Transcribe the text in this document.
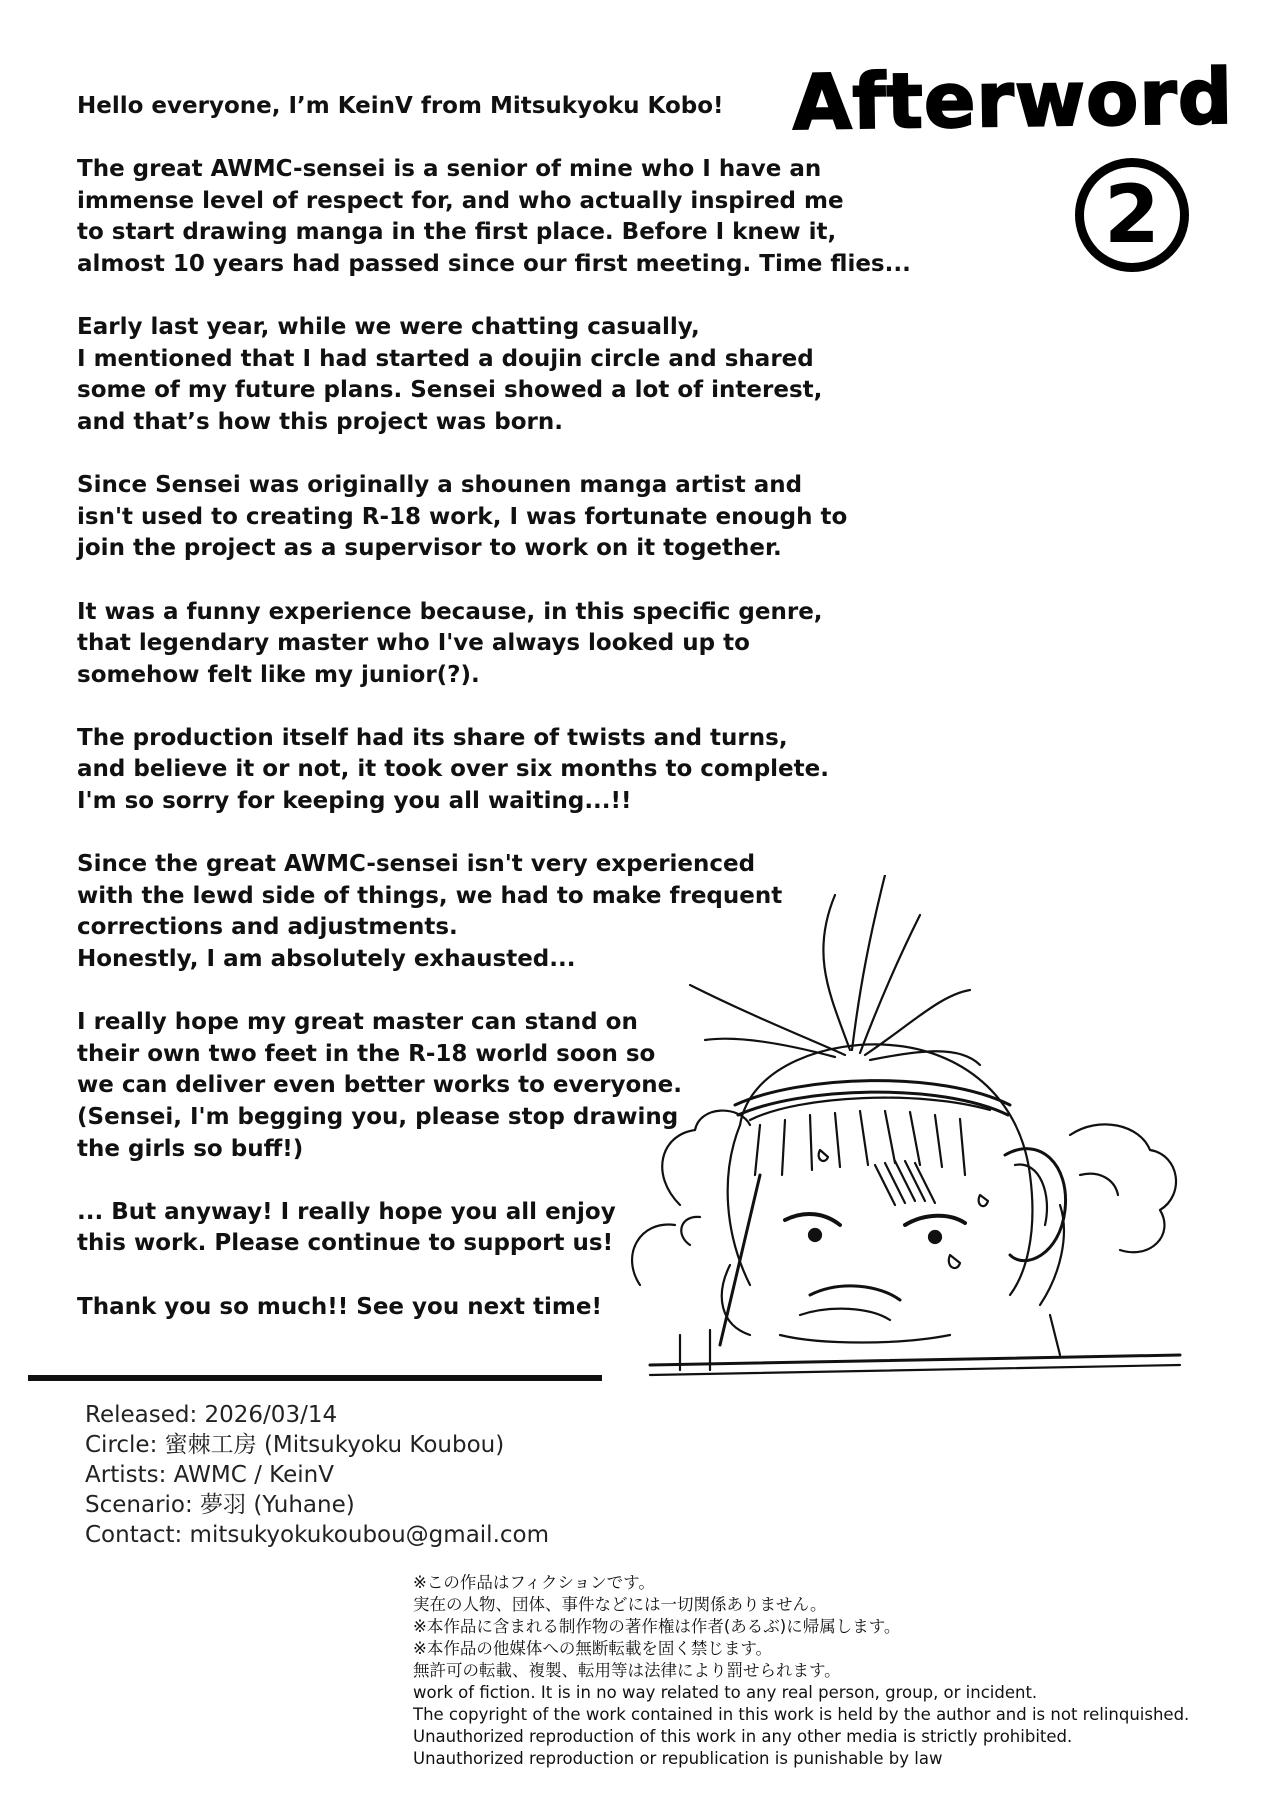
Afterword
2

Hello everyone, I’m KeinV from Mitsukyoku Kobo!

The great AWMC-sensei is a senior of mine who I have an
immense level of respect for, and who actually inspired me
to start drawing manga in the first place. Before I knew it,
almost 10 years had passed since our first meeting. Time flies...

Early last year, while we were chatting casually,
I mentioned that I had started a doujin circle and shared
some of my future plans. Sensei showed a lot of interest,
and that’s how this project was born.

Since Sensei was originally a shounen manga artist and
isn't used to creating R-18 work, I was fortunate enough to
join the project as a supervisor to work on it together.

It was a funny experience because, in this specific genre,
that legendary master who I've always looked up to
somehow felt like my junior(?).

The production itself had its share of twists and turns,
and believe it or not, it took over six months to complete.
I'm so sorry for keeping you all waiting...!!

Since the great AWMC-sensei isn't very experienced
with the lewd side of things, we had to make frequent
corrections and adjustments.
Honestly, I am absolutely exhausted...

I really hope my great master can stand on
their own two feet in the R-18 world soon so
we can deliver even better works to everyone.
(Sensei, I'm begging you, please stop drawing
the girls so buff!)

... But anyway! I really hope you all enjoy
this work. Please continue to support us!

Thank you so much!! See you next time!

Released: 2026/03/14
Circle: 蜜棘工房 (Mitsukyoku Koubou)
Artists: AWMC / KeinV
Scenario: 夢羽 (Yuhane)
Contact: mitsukyokukoubou@gmail.com
※この作品はフィクションです。
実在の人物、団体、事件などには一切関係ありません。
※本作品に含まれる制作物の著作権は作者(あるぶ)に帰属します。
※本作品の他媒体への無断転載を固く禁じます。
無許可の転載、複製、転用等は法律により罰せられます。
work of fiction. It is in no way related to any real person, group, or incident.
The copyright of the work contained in this work is held by the author and is not relinquished.
Unauthorized reproduction of this work in any other media is strictly prohibited.
Unauthorized reproduction or republication is punishable by law
